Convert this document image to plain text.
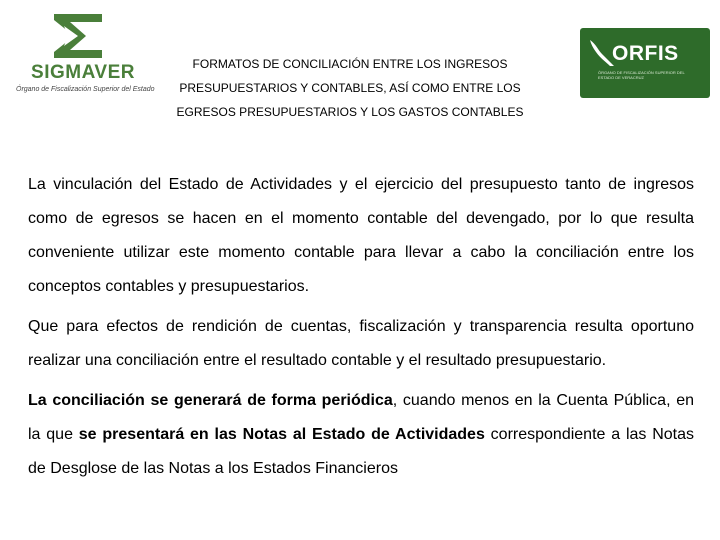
SIGMAVER
Órgano de Fiscalización Superior del Estado
FORMATOS DE CONCILIACIÓN ENTRE LOS INGRESOS
PRESUPUESTARIOS Y CONTABLES, ASÍ COMO ENTRE LOS
EGRESOS PRESUPUESTARIOS Y LOS GASTOS CONTABLES
ORFIS
ÓRGANO DE FISCALIZACIÓN SUPERIOR DEL ESTADO DE VERACRUZ

La vinculación del Estado de Actividades y el ejercicio del presupuesto tanto de ingresos como de egresos se hacen en el momento contable del devengado, por lo que resulta conveniente utilizar este momento contable para llevar a cabo la conciliación entre los conceptos contables y presupuestarios.

Que para efectos de rendición de cuentas, fiscalización y transparencia resulta oportuno realizar una conciliación entre el resultado contable y el resultado presupuestario.

La conciliación se generará de forma periódica, cuando menos en la Cuenta Pública, en la que se presentará en las Notas al Estado de Actividades correspondiente a las Notas de Desglose de las Notas a los Estados Financieros
